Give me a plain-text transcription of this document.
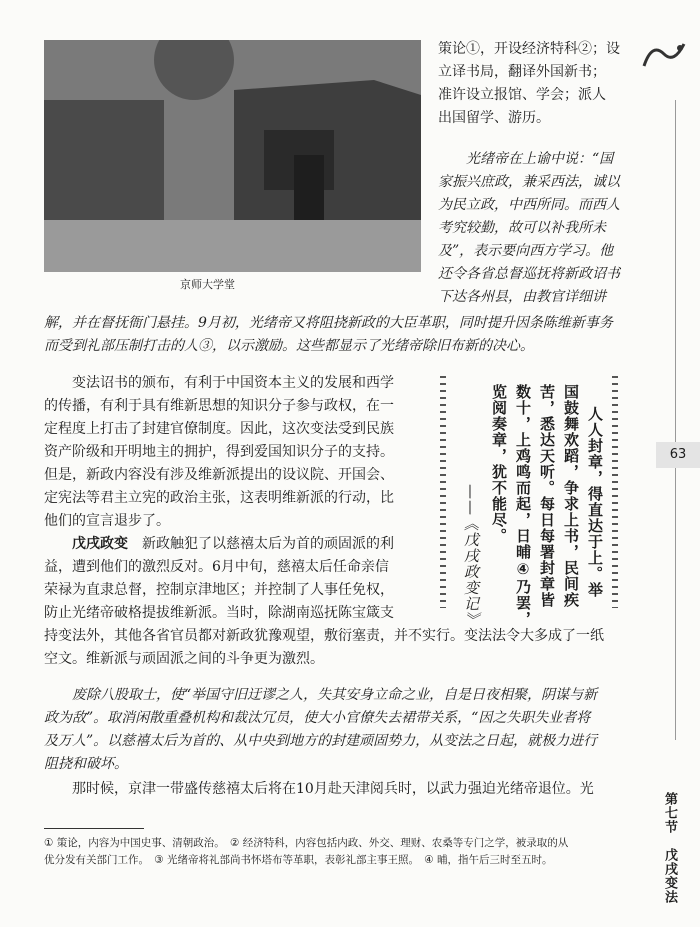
京师大学堂

策论①，开设经济特科②；设

立译书局，翻译外国新书；

准许设立报馆、学会；派人

出国留学、游历。

光绪帝在上谕中说：“国

家振兴庶政，兼采西法，诚以

为民立政，中西所同。而西人

考究较勤，故可以补我所未

及”，表示要向西方学习。他

还令各省总督巡抚将新政诏书

下达各州县，由教官详细讲

解，并在督抚衙门悬挂。9月初，光绪帝又将阻挠新政的大臣革职，同时提升因条陈维新事务

而受到礼部压制打击的人③，以示激励。这些都显示了光绪帝除旧布新的决心。

变法诏书的颁布，有利于中国资本主义的发展和西学

的传播，有利于具有维新思想的知识分子参与政权，在一

定程度上打击了封建官僚制度。因此，这次变法受到民族

资产阶级和开明地主的拥护，得到爱国知识分子的支持。

但是，新政内容没有涉及维新派提出的设议院、开国会、

定宪法等君主立宪的政治主张，这表明维新派的行动，比

他们的宣言退步了。

戊戌政变　 新政触犯了以慈禧太后为首的顽固派的利

益，遭到他们的激烈反对。6月中旬，慈禧太后任命亲信

荣禄为直隶总督，控制京津地区；并控制了人事任免权，

防止光绪帝破格提拔维新派。当时，除湖南巡抚陈宝箴支

持变法外，其他各省官员都对新政犹豫观望，敷衍塞责，并不实行。变法法令大多成了一纸

空文。维新派与顽固派之间的斗争更为激烈。

人人封章，得直达于上。举
国鼓舞欢蹈，争求上书，民间疾
苦，悉达天听。每日每署封章皆
数十，上鸡鸣而起，日晡④乃罢，
览阅奏章，犹不能尽。
——《戊戌政变记》

废除八股取士，使“举国守旧迂谬之人，失其安身立命之业，自是日夜相聚，阴谋与新

政为敌”。取消闲散重叠机构和裁汰冗员，使大小官僚失去裙带关系，“因之失职失业者将

及万人”。以慈禧太后为首的、从中央到地方的封建顽固势力，从变法之日起，就极力进行

阻挠和破坏。

那时候，京津一带盛传慈禧太后将在10月赴天津阅兵时，以武力强迫光绪帝退位。光

① 策论，内容为中国史事、清朝政治。　② 经济特科，内容包括内政、外交、理财、农桑等专门之学，被录取的从
优分发有关部门工作。　③ 光绪帝将礼部尚书怀塔布等革职，表彰礼部主事王照。　④ 晡，指午后三时至五时。
63
第七节　戊戌变法
